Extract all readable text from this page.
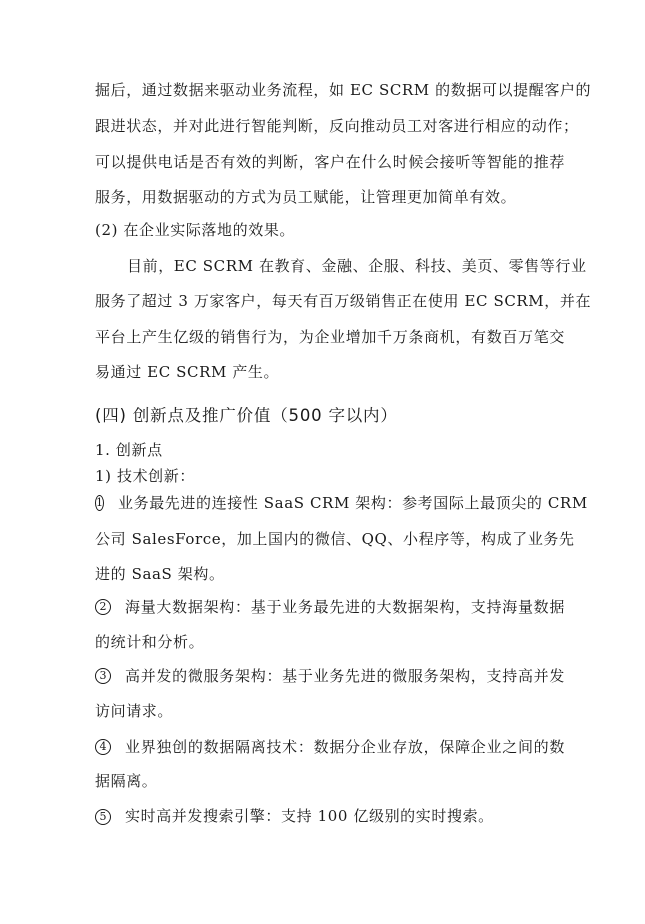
掘后，通过数据来驱动业务流程，如 EC SCRM 的数据可以提醒客户的
跟进状态，并对此进行智能判断，反向推动员工对客进行相应的动作；
可以提供电话是否有效的判断，客户在什么时候会接听等智能的推荐
服务，用数据驱动的方式为员工赋能，让管理更加简单有效。
(2) 在企业实际落地的效果。
目前，EC SCRM 在教育、金融、企服、科技、美页、零售等行业
服务了超过 3 万家客户，每天有百万级销售正在使用 EC SCRM，并在
平台上产生亿级的销售行为，为企业增加千万条商机，有数百万笔交
易通过 EC SCRM 产生。
(四) 创新点及推广价值（500 字以内）
1. 创新点
1) 技术创新：
1 业务最先进的连接性 SaaS CRM 架构：参考国际上最顶尖的 CRM
公司 SalesForce，加上国内的微信、QQ、小程序等，构成了业务先
进的 SaaS 架构。
2	海量大数据架构：基于业务最先进的大数据架构，支持海量数据
的统计和分析。
3	高并发的微服务架构：基于业务先进的微服务架构，支持高并发
访问请求。
4	业界独创的数据隔离技术：数据分企业存放，保障企业之间的数
据隔离。
5 实时高并发搜索引擎：支持 100 亿级别的实时搜索。
